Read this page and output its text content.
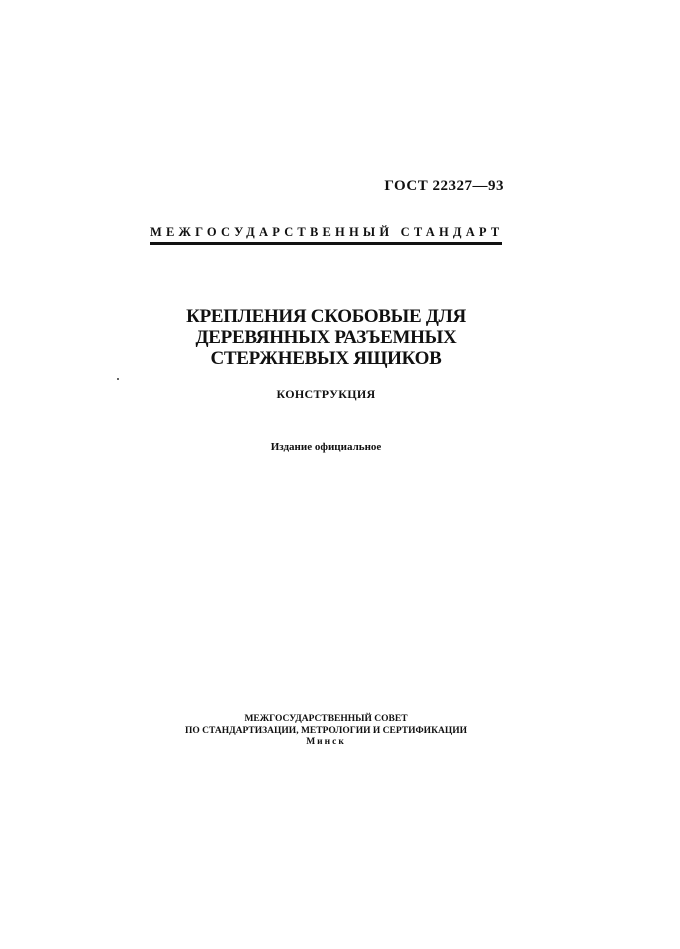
ГОСТ 22327—93
МЕЖГОСУДАРСТВЕННЫЙ СТАНДАРТ
КРЕПЛЕНИЯ СКОБОВЫЕ ДЛЯ
ДЕРЕВЯННЫХ РАЗЪЕМНЫХ
СТЕРЖНЕВЫХ ЯЩИКОВ
КОНСТРУКЦИЯ
Издание официальное
МЕЖГОСУДАРСТВЕННЫЙ СОВЕТ
ПО СТАНДАРТИЗАЦИИ, МЕТРОЛОГИИ И СЕРТИФИКАЦИИ
Минск
